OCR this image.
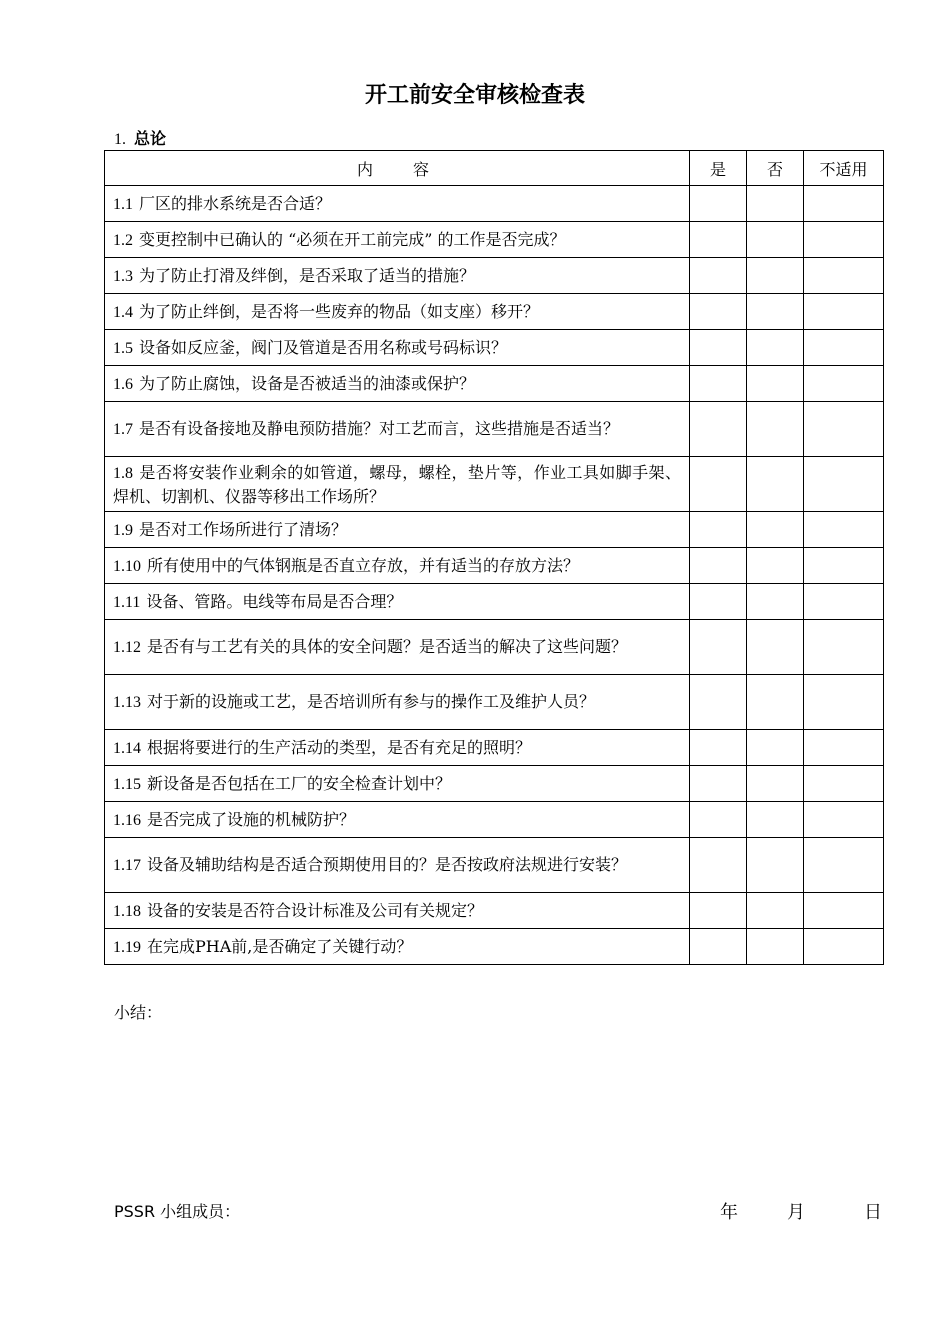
开工前安全审核检查表
1. 总论
内容	是	否	不适用
1.1 厂区的排水系统是否合适？			
1.2 变更控制中已确认的 “必须在开工前完成” 的工作是否完成？			
1.3 为了防止打滑及绊倒，是否采取了适当的措施？			
1.4 为了防止绊倒，是否将一些废弃的物品（如支座）移开？			
1.5 设备如反应釜，阀门及管道是否用名称或号码标识？			
1.6 为了防止腐蚀，设备是否被适当的油漆或保护？			
1.7 是否有设备接地及静电预防措施？对工艺而言，这些措施是否适当？			
1.8 是否将安装作业剩余的如管道，螺母，螺栓，垫片等，作业工具如脚手架、焊机、切割机、仪器等移出工作场所？			
1.9 是否对工作场所进行了清场？			
1.10 所有使用中的气体钢瓶是否直立存放，并有适当的存放方法？			
1.11 设备、管路。电线等布局是否合理？			
1.12 是否有与工艺有关的具体的安全问题？是否适当的解决了这些问题？			
1.13 对于新的设施或工艺，是否培训所有参与的操作工及维护人员？			
1.14 根据将要进行的生产活动的类型，是否有充足的照明？			
1.15 新设备是否包括在工厂的安全检查计划中？			
1.16 是否完成了设施的机械防护？			
1.17 设备及辅助结构是否适合预期使用目的？是否按政府法规进行安装？			
1.18 设备的安装是否符合设计标准及公司有关规定？			
1.19 在完成PHA前,是否确定了关键行动？			
小结：
PSSR 小组成员：	年	月	日
